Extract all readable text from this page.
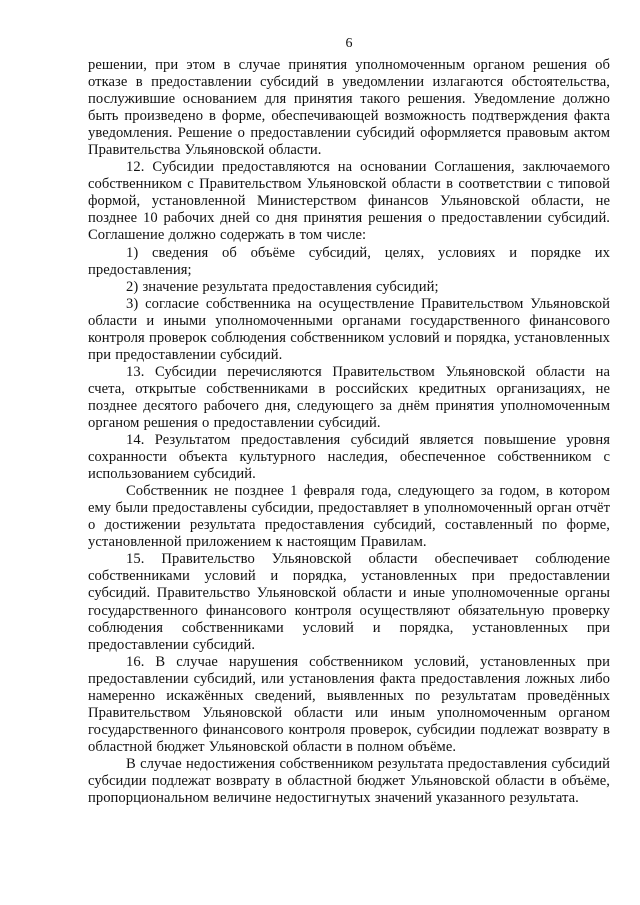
6

решении, при этом в случае принятия уполномоченным органом решения об отказе в предоставлении субсидий в уведомлении излагаются обстоятельства, послужившие основанием для принятия такого решения. Уведомление должно быть произведено в форме, обеспечивающей возможность подтверждения факта уведомления. Решение о предоставлении субсидий оформляется правовым актом Правительства Ульяновской области.

12. Субсидии предоставляются на основании Соглашения, заключаемого собственником с Правительством Ульяновской области в соответствии с типовой формой, установленной Министерством финансов Ульяновской области, не позднее 10 рабочих дней со дня принятия решения о предоставлении субсидий. Соглашение должно содержать в том числе:

1) сведения об объёме субсидий, целях, условиях и порядке их предоставления;

2) значение результата предоставления субсидий;

3) согласие собственника на осуществление Правительством Ульяновской области и иными уполномоченными органами государственного финансового контроля проверок соблюдения собственником условий и порядка, установленных при предоставлении субсидий.

13. Субсидии перечисляются Правительством Ульяновской области на счета, открытые собственниками в российских кредитных организациях, не позднее десятого рабочего дня, следующего за днём принятия уполномоченным органом решения о предоставлении субсидий.

14. Результатом предоставления субсидий является повышение уровня сохранности объекта культурного наследия, обеспеченное собственником с использованием субсидий.

Собственник не позднее 1 февраля года, следующего за годом, в котором ему были предоставлены субсидии, предоставляет в уполномоченный орган отчёт о достижении результата предоставления субсидий, составленный по форме, установленной приложением к настоящим Правилам.

15. Правительство Ульяновской области обеспечивает соблюдение собственниками условий и порядка, установленных при предоставлении субсидий. Правительство Ульяновской области и иные уполномоченные органы государственного финансового контроля осуществляют обязательную проверку соблюдения собственниками условий и порядка, установленных при предоставлении субсидий.

16. В случае нарушения собственником условий, установленных при предоставлении субсидий, или установления факта предоставления ложных либо намеренно искажённых сведений, выявленных по результатам проведённых Правительством Ульяновской области или иным уполномоченным органом государственного финансового контроля проверок, субсидии подлежат возврату в областной бюджет Ульяновской области в полном объёме.

В случае недостижения собственником результата предоставления субсидий субсидии подлежат возврату в областной бюджет Ульяновской области в объёме, пропорциональном величине недостигнутых значений указанного результата.
